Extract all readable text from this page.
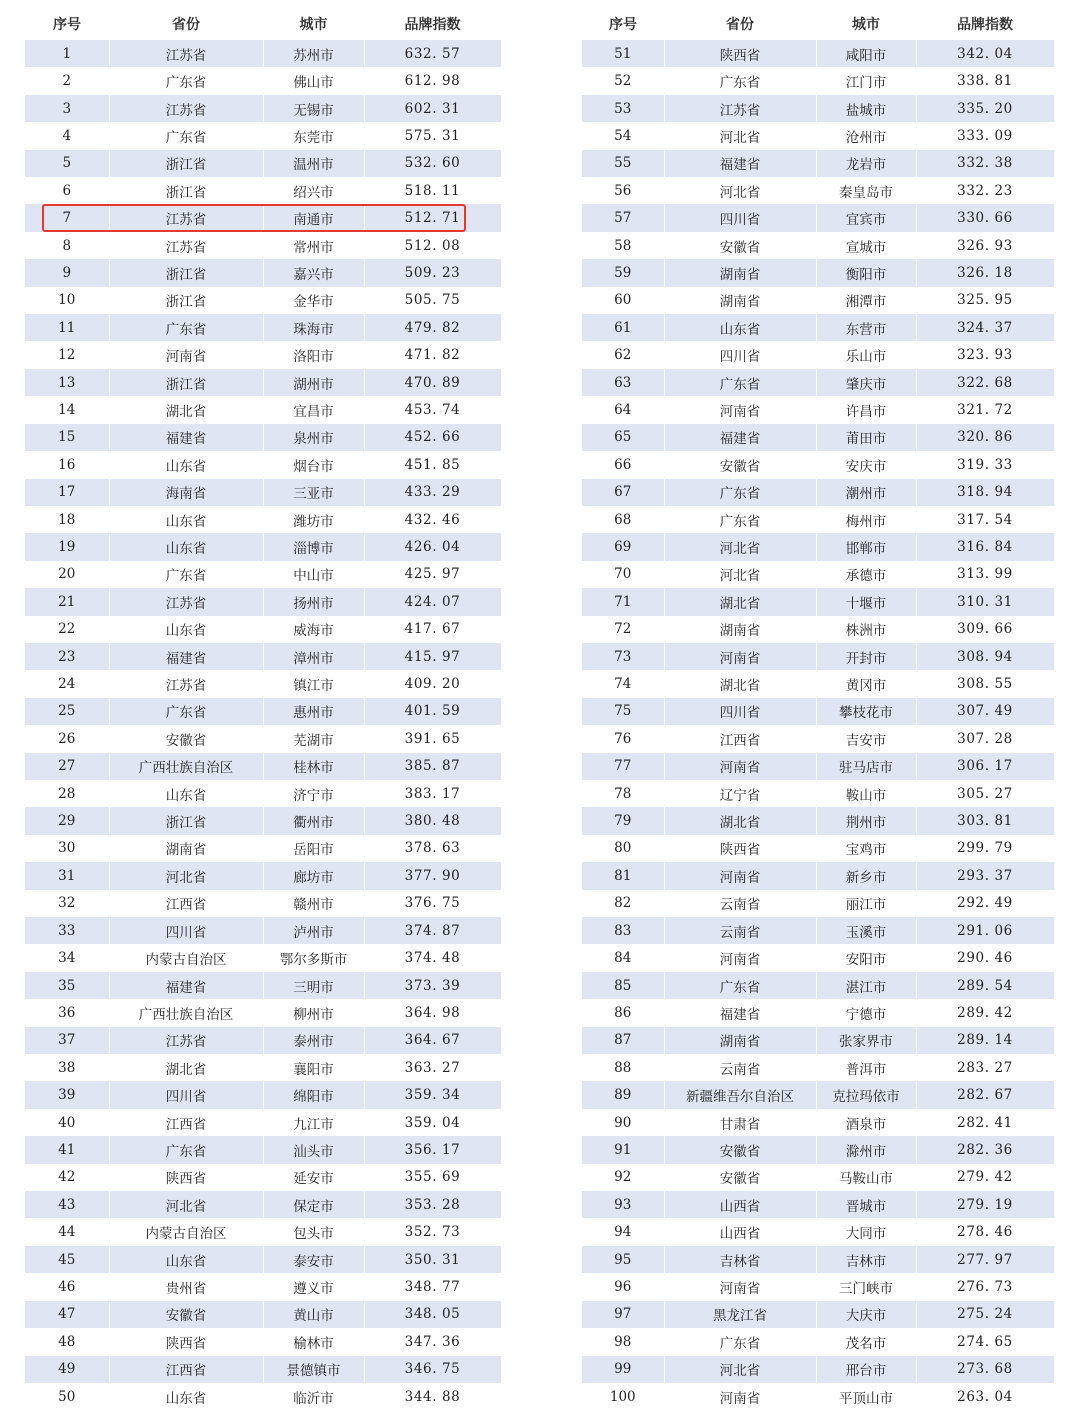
序号	省份	城市	品牌指数
1	江苏省	苏州市	632. 57
2	广东省	佛山市	612. 98
3	江苏省	无锡市	602. 31
4	广东省	东莞市	575. 31
5	浙江省	温州市	532. 60
6	浙江省	绍兴市	518. 11
7	江苏省	南通市	512. 71
8	江苏省	常州市	512. 08
9	浙江省	嘉兴市	509. 23
10	浙江省	金华市	505. 75
11	广东省	珠海市	479. 82
12	河南省	洛阳市	471. 82
13	浙江省	湖州市	470. 89
14	湖北省	宜昌市	453. 74
15	福建省	泉州市	452. 66
16	山东省	烟台市	451. 85
17	海南省	三亚市	433. 29
18	山东省	潍坊市	432. 46
19	山东省	淄博市	426. 04
20	广东省	中山市	425. 97
21	江苏省	扬州市	424. 07
22	山东省	威海市	417. 67
23	福建省	漳州市	415. 97
24	江苏省	镇江市	409. 20
25	广东省	惠州市	401. 59
26	安徽省	芜湖市	391. 65
27	广西壮族自治区	桂林市	385. 87
28	山东省	济宁市	383. 17
29	浙江省	衢州市	380. 48
30	湖南省	岳阳市	378. 63
31	河北省	廊坊市	377. 90
32	江西省	赣州市	376. 75
33	四川省	泸州市	374. 87
34	内蒙古自治区	鄂尔多斯市	374. 48
35	福建省	三明市	373. 39
36	广西壮族自治区	柳州市	364. 98
37	江苏省	泰州市	364. 67
38	湖北省	襄阳市	363. 27
39	四川省	绵阳市	359. 34
40	江西省	九江市	359. 04
41	广东省	汕头市	356. 17
42	陕西省	延安市	355. 69
43	河北省	保定市	353. 28
44	内蒙古自治区	包头市	352. 73
45	山东省	泰安市	350. 31
46	贵州省	遵义市	348. 77
47	安徽省	黄山市	348. 05
48	陕西省	榆林市	347. 36
49	江西省	景德镇市	346. 75
50	山东省	临沂市	344. 88
序号	省份	城市	品牌指数
51	陕西省	咸阳市	342. 04
52	广东省	江门市	338. 81
53	江苏省	盐城市	335. 20
54	河北省	沧州市	333. 09
55	福建省	龙岩市	332. 38
56	河北省	秦皇岛市	332. 23
57	四川省	宜宾市	330. 66
58	安徽省	宣城市	326. 93
59	湖南省	衡阳市	326. 18
60	湖南省	湘潭市	325. 95
61	山东省	东营市	324. 37
62	四川省	乐山市	323. 93
63	广东省	肇庆市	322. 68
64	河南省	许昌市	321. 72
65	福建省	莆田市	320. 86
66	安徽省	安庆市	319. 33
67	广东省	潮州市	318. 94
68	广东省	梅州市	317. 54
69	河北省	邯郸市	316. 84
70	河北省	承德市	313. 99
71	湖北省	十堰市	310. 31
72	湖南省	株洲市	309. 66
73	河南省	开封市	308. 94
74	湖北省	黄冈市	308. 55
75	四川省	攀枝花市	307. 49
76	江西省	吉安市	307. 28
77	河南省	驻马店市	306. 17
78	辽宁省	鞍山市	305. 27
79	湖北省	荆州市	303. 81
80	陕西省	宝鸡市	299. 79
81	河南省	新乡市	293. 37
82	云南省	丽江市	292. 49
83	云南省	玉溪市	291. 06
84	河南省	安阳市	290. 46
85	广东省	湛江市	289. 54
86	福建省	宁德市	289. 42
87	湖南省	张家界市	289. 14
88	云南省	普洱市	283. 27
89	新疆维吾尔自治区	克拉玛依市	282. 67
90	甘肃省	酒泉市	282. 41
91	安徽省	滁州市	282. 36
92	安徽省	马鞍山市	279. 42
93	山西省	晋城市	279. 19
94	山西省	大同市	278. 46
95	吉林省	吉林市	277. 97
96	河南省	三门峡市	276. 73
97	黑龙江省	大庆市	275. 24
98	广东省	茂名市	274. 65
99	河北省	邢台市	273. 68
100	河南省	平顶山市	263. 04
